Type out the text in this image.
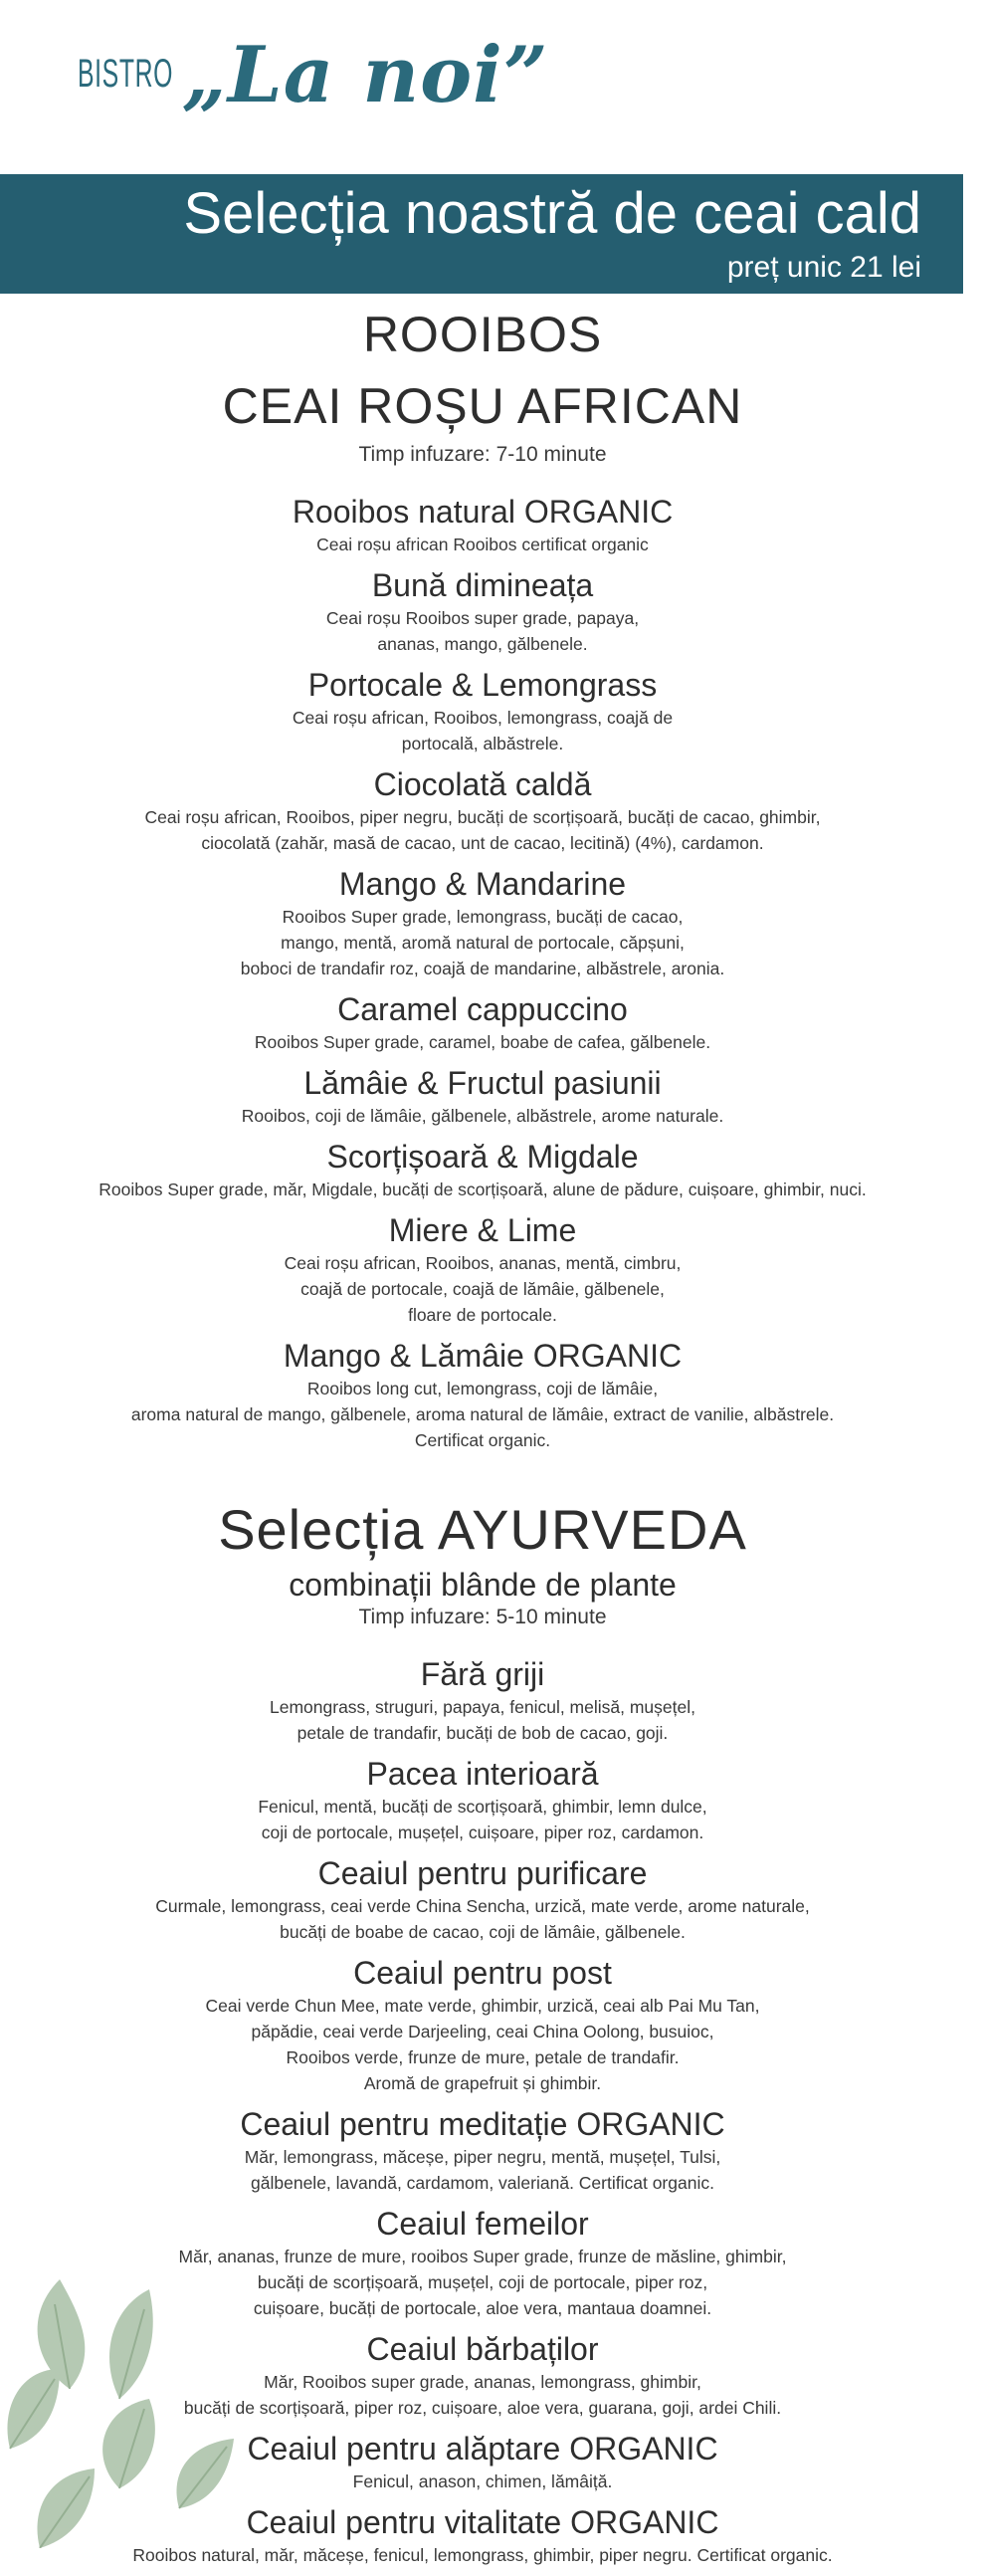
BISTRO „La noi”
Selecția noastră de ceai cald
preț unic 21 lei
ROOIBOS
CEAI ROȘU AFRICAN
Timp infuzare: 7-10 minute
Rooibos natural ORGANIC
Ceai roșu african Rooibos certificat organic
Bună dimineața
Ceai roșu Rooibos super grade, papaya,
ananas, mango, gălbenele.
Portocale & Lemongrass
Ceai roșu african, Rooibos, lemongrass, coajă de
portocală, albăstrele.
Ciocolată caldă
Ceai roșu african, Rooibos, piper negru, bucăți de scorțișoară, bucăți de cacao, ghimbir,
ciocolată (zahăr, masă de cacao, unt de cacao, lecitină) (4%), cardamon.
Mango & Mandarine
Rooibos Super grade, lemongrass, bucăți de cacao,
mango, mentă, aromă natural de portocale, căpșuni,
boboci de trandafir roz, coajă de mandarine, albăstrele, aronia.
Caramel cappuccino
Rooibos Super grade, caramel, boabe de cafea, gălbenele.
Lămâie & Fructul pasiunii
Rooibos, coji de lămâie, gălbenele, albăstrele, arome naturale.
Scorțișoară & Migdale
Rooibos Super grade, măr, Migdale, bucăți de scorțișoară, alune de pădure, cuișoare, ghimbir, nuci.
Miere & Lime
Ceai roșu african, Rooibos, ananas, mentă, cimbru,
coajă de portocale, coajă de lămâie, gălbenele,
floare de portocale.
Mango & Lămâie ORGANIC
Rooibos long cut, lemongrass, coji de lămâie,
aroma natural de mango, gălbenele, aroma natural de lămâie, extract de vanilie, albăstrele.
Certificat organic.
Selecția AYURVEDA
combinații blânde de plante
Timp infuzare: 5-10 minute
Fără griji
Lemongrass, struguri, papaya, fenicul, melisă, mușețel,
petale de trandafir, bucăți de bob de cacao, goji.
Pacea interioară
Fenicul, mentă, bucăți de scorțișoară, ghimbir, lemn dulce,
coji de portocale, mușețel, cuișoare, piper roz, cardamon.
Ceaiul pentru purificare
Curmale, lemongrass, ceai verde China Sencha, urzică, mate verde, arome naturale,
bucăți de boabe de cacao, coji de lămâie, gălbenele.
Ceaiul pentru post
Ceai verde Chun Mee, mate verde, ghimbir, urzică, ceai alb Pai Mu Tan,
păpădie, ceai verde Darjeeling, ceai China Oolong, busuioc,
Rooibos verde, frunze de mure, petale de trandafir.
Aromă de grapefruit și ghimbir.
Ceaiul pentru meditație ORGANIC
Măr, lemongrass, măceșe, piper negru, mentă, mușețel, Tulsi,
gălbenele, lavandă, cardamom, valeriană. Certificat organic.
Ceaiul femeilor
Măr, ananas, frunze de mure, rooibos Super grade, frunze de măsline, ghimbir,
bucăți de scorțișoară, mușețel, coji de portocale, piper roz,
cuișoare, bucăți de portocale, aloe vera, mantaua doamnei.
Ceaiul bărbaților
Măr, Rooibos super grade, ananas, lemongrass, ghimbir,
bucăți de scorțișoară, piper roz, cuișoare, aloe vera, guarana, goji, ardei Chili.
Ceaiul pentru alăptare ORGANIC
Fenicul, anason, chimen, lămâiță.
Ceaiul pentru vitalitate ORGANIC
Rooibos natural, măr, măceșe, fenicul, lemongrass, ghimbir, piper negru. Certificat organic.
